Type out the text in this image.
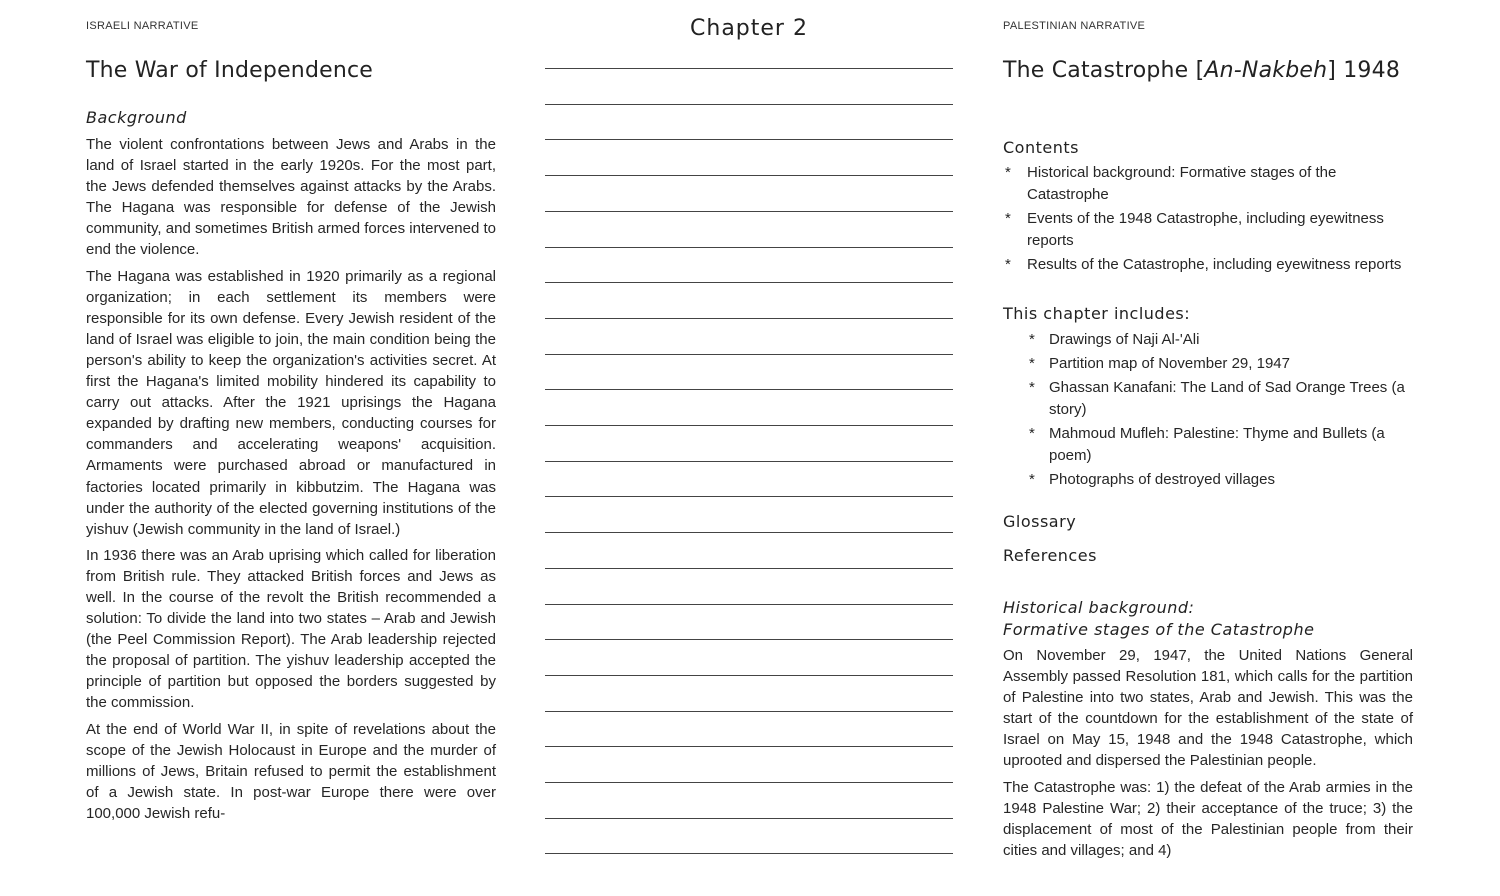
ISRAELI NARRATIVE
The War of Independence
Background

The violent confrontations between Jews and Arabs in the land of Israel started in the early 1920s. For the most part, the Jews defended themselves against attacks by the Arabs. The Hagana was responsible for defense of the Jewish community, and sometimes British armed forces intervened to end the violence.

The Hagana was established in 1920 primarily as a regional organization; in each settlement its members were responsible for its own defense. Every Jewish resident of the land of Israel was eligible to join, the main condition being the person's ability to keep the organization's activities secret. At first the Hagana's limited mobility hindered its capability to carry out attacks. After the 1921 uprisings the Hagana expanded by drafting new members, conducting courses for commanders and accelerating weapons' acquisition. Armaments were purchased abroad or manufactured in factories located primarily in kibbutzim. The Hagana was under the authority of the elected governing institutions of the yishuv (Jewish community in the land of Israel.)

In 1936 there was an Arab uprising which called for liberation from British rule. They attacked British forces and Jews as well. In the course of the revolt the British recommended a solution: To divide the land into two states – Arab and Jewish (the Peel Commission Report). The Arab leadership rejected the proposal of partition. The yishuv leadership accepted the principle of partition but opposed the borders suggested by the commission.

At the end of World War II, in spite of revelations about the scope of the Jewish Holocaust in Europe and the murder of millions of Jews, Britain refused to permit the establishment of a Jewish state. In post-war Europe there were over 100,000 Jewish refu-

Chapter 2	PALESTINIAN NARRATIVE
The Catastrophe [An-Nakbeh] 1948
Contents
* Historical background: Formative stages of the Catastrophe
* Events of the 1948 Catastrophe, including eyewitness reports
* Results of the Catastrophe, including eyewitness reports
This chapter includes:
* Drawings of Naji Al-'Ali
* Partition map of November 29, 1947
* Ghassan Kanafani: The Land of Sad Orange Trees (a story)
* Mahmoud Mufleh: Palestine: Thyme and Bullets (a poem)
* Photographs of destroyed villages
Glossary
References
Historical background:
Formative stages of the Catastrophe

On November 29, 1947, the United Nations General Assembly passed Resolution 181, which calls for the partition of Palestine into two states, Arab and Jewish. This was the start of the countdown for the establishment of the state of Israel on May 15, 1948 and the 1948 Catastrophe, which uprooted and dispersed the Palestinian people.

The Catastrophe was: 1) the defeat of the Arab armies in the 1948 Palestine War; 2) their acceptance of the truce; 3) the displacement of most of the Palestinian people from their cities and villages; and 4)
